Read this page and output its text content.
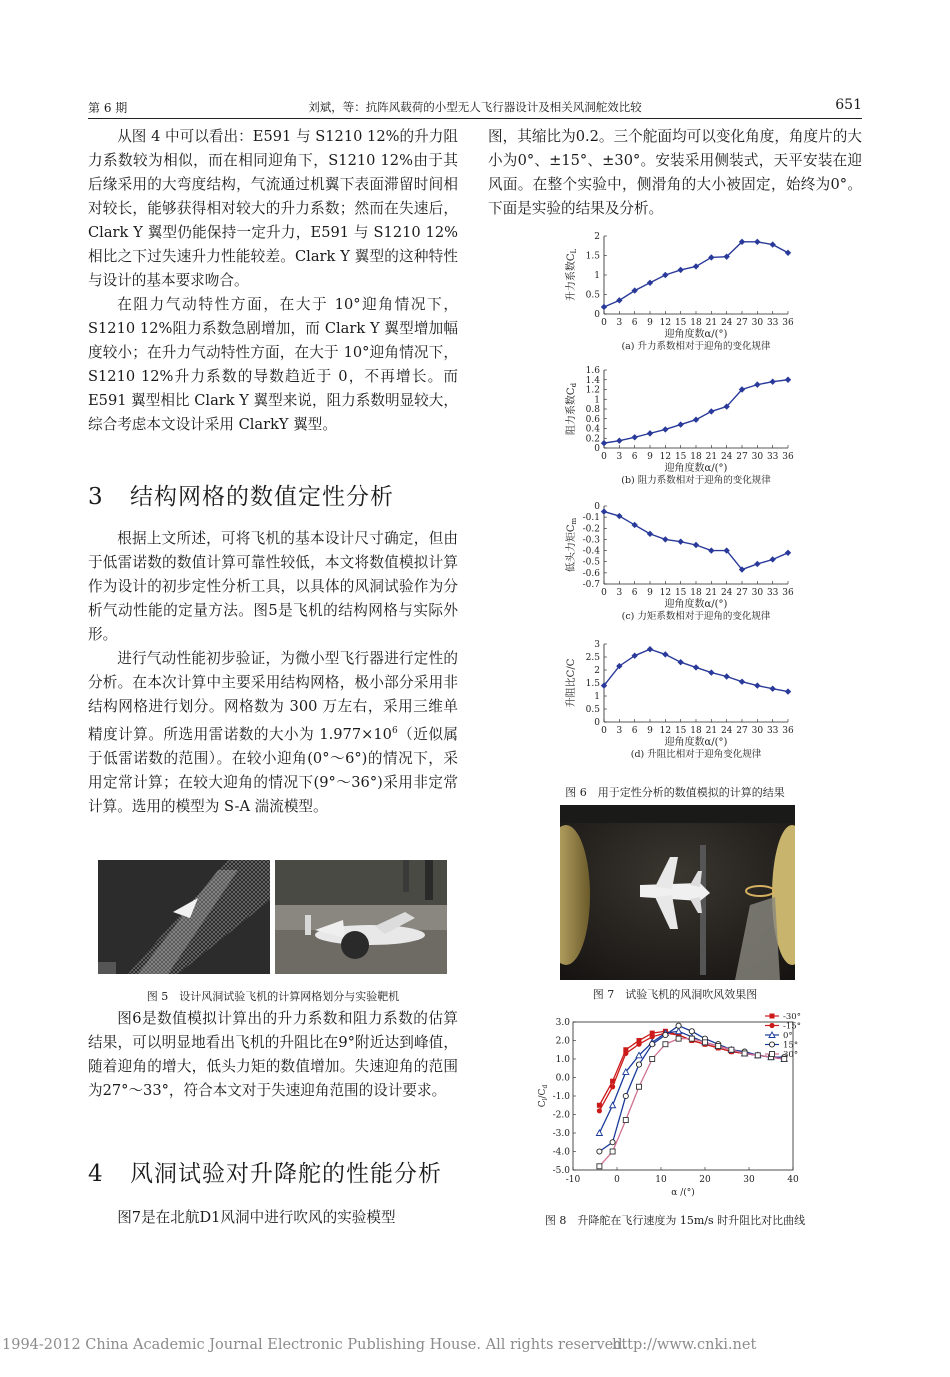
第 6 期	刘斌，等：抗阵风载荷的小型无人飞行器设计及相关风洞舵效比较	651

从图 4 中可以看出：E591 与 S1210 12%的升力阻力系数较为相似，而在相同迎角下，S1210 12%由于其后缘采用的大弯度结构，气流通过机翼下表面滞留时间相对较长，能够获得相对较大的升力系数；然而在失速后，Clark Y 翼型仍能保持一定升力，E591 与 S1210 12%相比之下过失速升力性能较差。Clark Y 翼型的这种特性与设计的基本要求吻合。

在阻力气动特性方面，在大于 10°迎角情况下，S1210 12%阻力系数急剧增加，而 Clark Y 翼型增加幅度较小；在升力气动特性方面，在大于 10°迎角情况下，S1210 12%升力系数的导数趋近于 0，不再增长。而 E591 翼型相比 Clark Y 翼型来说，阻力系数明显较大，综合考虑本文设计采用 ClarkY 翼型。

3 结构网格的数值定性分析

根据上文所述，可将飞机的基本设计尺寸确定，但由于低雷诺数的数值计算可靠性较低，本文将数值模拟计算作为设计的初步定性分析工具，以具体的风洞试验作为分析气动性能的定量方法。图5是飞机的结构网格与实际外形。

进行气动性能初步验证，为微小型飞行器进行定性的分析。在本次计算中主要采用结构网格，极小部分采用非结构网格进行划分。网格数为 300 万左右，采用三维单精度计算。所选用雷诺数的大小为 $1.977\times 10^6$（近似属于低雷诺数的范围）。在较小迎角(0°～6°)的情况下，采用定常计算；在较大迎角的情况下(9°～36°)采用非定常计算。选用的模型为 S-A 湍流模型。

图 5　设计风洞试验飞机的计算网格划分与实验靶机

图6是数值模拟计算出的升力系数和阻力系数的估算结果，可以明显地看出飞机的升阻比在9°附近达到峰值，随着迎角的增大，低头力矩的数值增加。失速迎角的范围为27°～33°，符合本文对于失速迎角范围的设计要求。

4 风洞试验对升降舵的性能分析

图7是在北航D1风洞中进行吹风的实验模型

图，其缩比为0.2。三个舵面均可以变化角度，角度片的大小为0°、±15°、±30°。安装采用侧装式，天平安装在迎风面。在整个实验中，侧滑角的大小被固定，始终为0°。下面是实验的结果及分析。

0
0.5
1
1.5
2
0 3 6 9 12 15 18 21 24 27 30 33 36
升力系数$C_L$
迎角度数α/(°)
(a) 升力系数相对于迎角的变化规律
0
0.2
0.4
0.6
0.8
1
1.2
1.4
1.6
0 3 6 9 12 15 18 21 24 27 30 33 36
阻力系数$C_d$
迎角度数α/(°)
(b) 阻力系数相对于迎角的变化规律
-0.7
-0.6
-0.5
-0.4
-0.3
-0.2
-0.1
0
0 3 6 9 12 15 18 21 24 27 30 33 36
低头力矩$C_m$
迎角度数α/(°)
(c) 力矩系数相对于迎角的变化规律
0
0.5
1
1.5
2
2.5
3
0 3 6 9 12 15 18 21 24 27 30 33 36
升阻比C/C
迎角度数α/(°)
(d) 升阻比相对于迎角变化规律
图 6　用于定性分析的数值模拟的计算的结果
图 7　试验飞机的风洞吹风效果图
-5.0
-4.0
-3.0
-2.0
-1.0
0.0
1.0
2.0
3.0
-10	0	10	20	30	40
α /(°)
$C_l/C_d$
-30°
-15°
0°
15°
30°
图 8　升降舵在飞行速度为 15m/s 时升阻比对比曲线
1994-2012 China Academic Journal Electronic Publishing House. All rights reserved.
http://www.cnki.net
